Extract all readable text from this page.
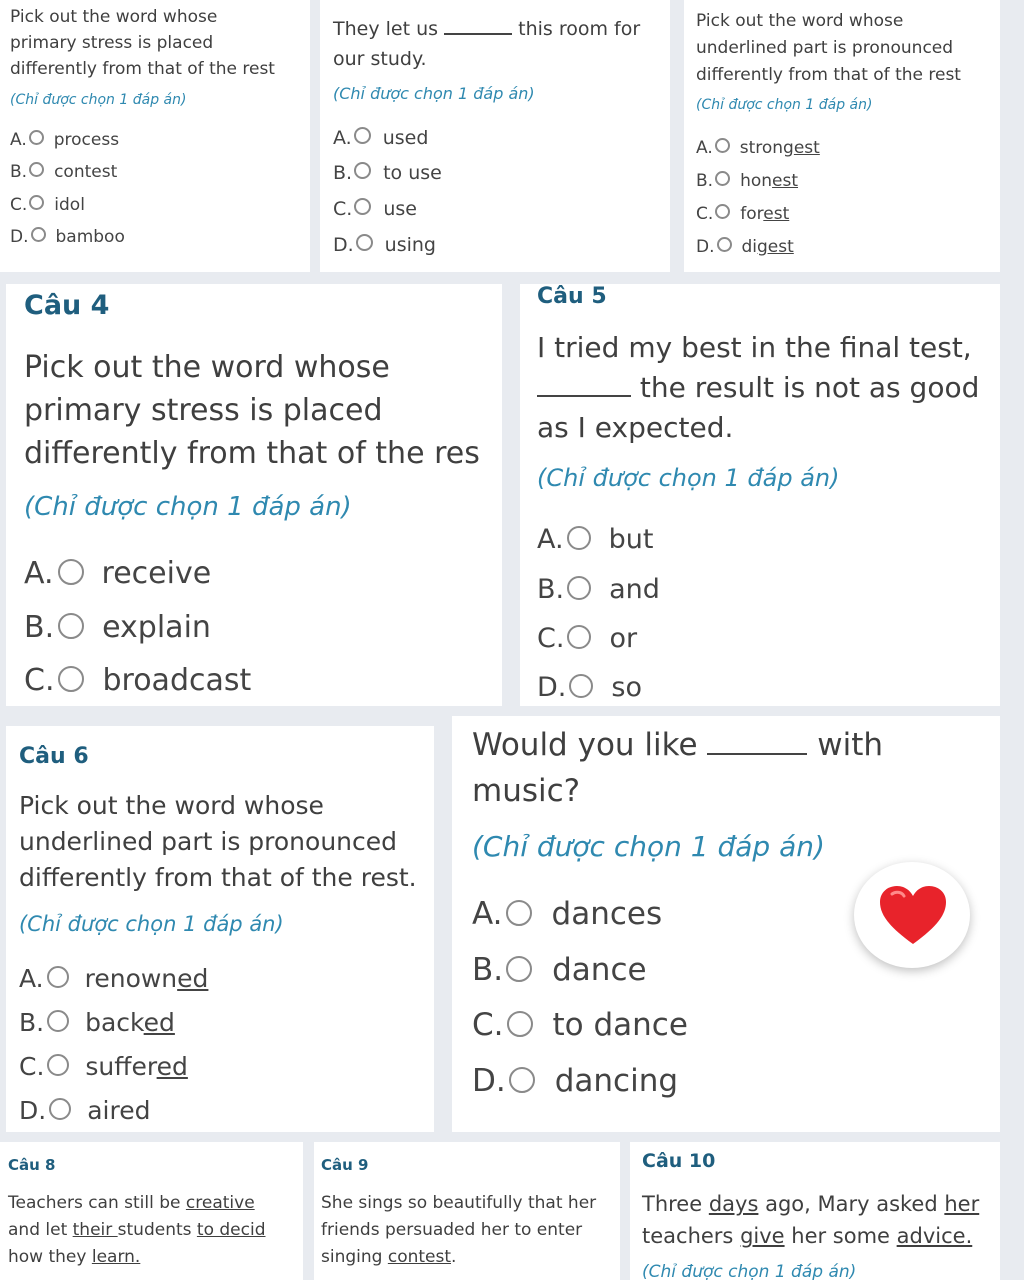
Pick out the word whose
primary stress is placed
differently from that of the rest

(Chỉ được chọn 1 đáp án)

A. process
B. contest
C. idol
D. bamboo

They let us	this room for
our study.

(Chỉ được chọn 1 đáp án)

A. used
B. to use
C. use
D. using

Pick out the word whose
underlined part is pronounced
differently from that of the rest

(Chỉ được chọn 1 đáp án)

A. strongest
B. honest
C. forest
D. digest

Câu 4

Pick out the word whose
primary stress is placed
differently from that of the res

(Chỉ được chọn 1 đáp án)

A. receive
B. explain
C. broadcast

Câu 5

I tried my best in the final test,
the result is not as good
as I expected.

(Chỉ được chọn 1 đáp án)

A. but
B. and
C. or
D. so

Câu 6

Pick out the word whose
underlined part is pronounced
differently from that of the rest.

(Chỉ được chọn 1 đáp án)

A. renowned
B. backed
C. suffered
D. aired

Would you like	with
music?

(Chỉ được chọn 1 đáp án)

A. dances
B. dance
C. to dance
D. dancing

Câu 8

Teachers can still be creative
and let their students to decid
how they learn.

Câu 9

She sings so beautifully that her
friends persuaded her to enter
singing contest.

Câu 10

Three days ago, Mary asked her
teachers give her some advice.

(Chỉ được chọn 1 đáp án)
